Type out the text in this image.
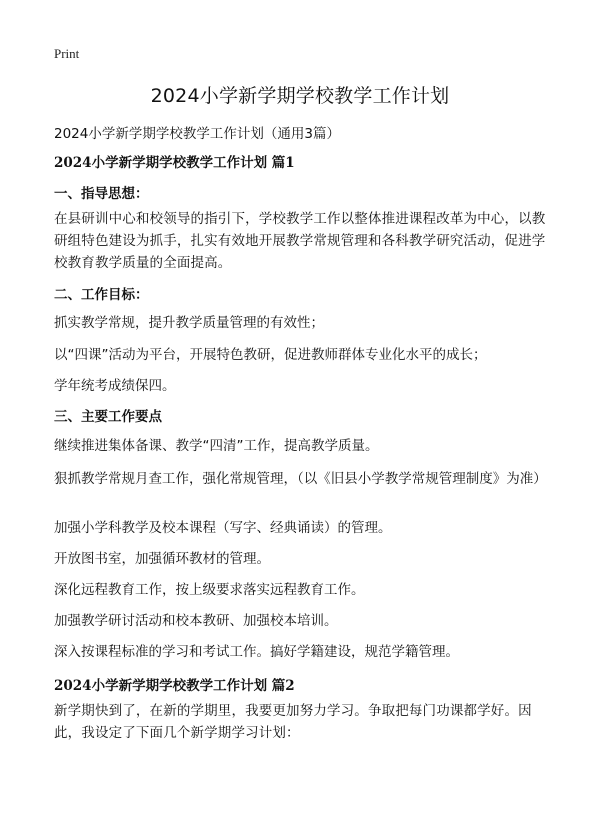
Print
2024小学新学期学校教学工作计划
2024小学新学期学校教学工作计划（通用3篇）
2024小学新学期学校教学工作计划 篇1
一、指导思想：
在县研训中心和校领导的指引下，学校教学工作以整体推进课程改革为中心，以教研组特色建设为抓手，扎实有效地开展教学常规管理和各科教学研究活动，促进学校教育教学质量的全面提高。
二、工作目标：
抓实教学常规，提升教学质量管理的有效性；
以“四课”活动为平台，开展特色教研，促进教师群体专业化水平的成长；
学年统考成绩保四。
三、主要工作要点
继续推进集体备课、教学“四清”工作，提高教学质量。
狠抓教学常规月查工作，强化常规管理，（以《旧县小学教学常规管理制度》为准）
加强小学科教学及校本课程（写字、经典诵读）的管理。
开放图书室，加强循环教材的管理。
深化远程教育工作，按上级要求落实远程教育工作。
加强教学研讨活动和校本教研、加强校本培训。
深入按课程标准的学习和考试工作。搞好学籍建设，规范学籍管理。
2024小学新学期学校教学工作计划 篇2
新学期快到了，在新的学期里，我要更加努力学习。争取把每门功课都学好。因此，我设定了下面几个新学期学习计划：
